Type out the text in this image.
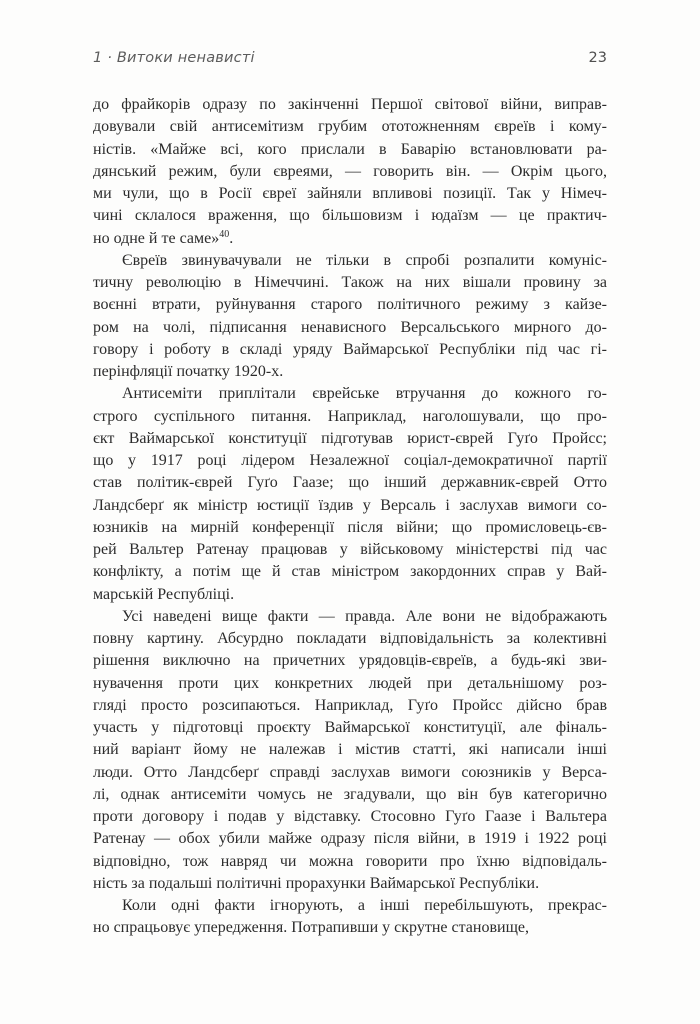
1 · Витоки ненависті	23
до фрайкорів одразу по закінченні Першої світової війни, виправ-
довували свій антисемітизм грубим ототожненням євреїв і кому-
ністів. «Майже всі, кого прислали в Баварію встановлювати ра-
дянський режим, були євреями, — говорить він. — Окрім цього,
ми чули, що в Росії євреї зайняли впливові позиції. Так у Німеч-
чині склалося враження, що більшовизм і юдаїзм — це практич-
но одне й те саме»$^{40}$.
Євреїв звинувачували не тільки в спробі розпалити комуніс-
тичну революцію в Німеччині. Також на них вішали провину за
воєнні втрати, руйнування старого політичного режиму з кайзе-
ром на чолі, підписання ненависного Версальського мирного до-
говору і роботу в складі уряду Ваймарської Республіки під час гі-
перінфляції початку 1920-х.
Антисеміти приплітали єврейське втручання до кожного го-
строго суспільного питання. Наприклад, наголошували, що про-
єкт Ваймарської конституції підготував юрист-єврей Гуґо Пройсс;
що у 1917 році лідером Незалежної соціал-демократичної партії
став політик-єврей Гуґо Гаазе; що інший державник-єврей Отто
Ландсберґ як міністр юстиції їздив у Версаль і заслухав вимоги со-
юзників на мирній конференції після війни; що промисловець-єв-
рей Вальтер Ратенау працював у військовому міністерстві під час
конфлікту, а потім ще й став міністром закордонних справ у Вай-
марській Республіці.
Усі наведені вище факти — правда. Але вони не відображають
повну картину. Абсурдно покладати відповідальність за колективні
рішення виключно на причетних урядовців-євреїв, а будь-які зви-
нувачення проти цих конкретних людей при детальнішому роз-
гляді просто розсипаються. Наприклад, Гуґо Пройсс дійсно брав
участь у підготовці проєкту Ваймарської конституції, але фіналь-
ний варіант йому не належав і містив статті, які написали інші
люди. Отто Ландсберґ справді заслухав вимоги союзників у Верса-
лі, однак антисеміти чомусь не згадували, що він був категорично
проти договору і подав у відставку. Стосовно Гуґо Гаазе і Вальтера
Ратенау — обох убили майже одразу після війни, в 1919 і 1922 році
відповідно, тож навряд чи можна говорити про їхню відповідаль-
ність за подальші політичні прорахунки Ваймарської Республіки.
Коли одні факти ігнорують, а інші перебільшують, прекрас-
но спрацьовує упередження. Потрапивши у скрутне становище,
